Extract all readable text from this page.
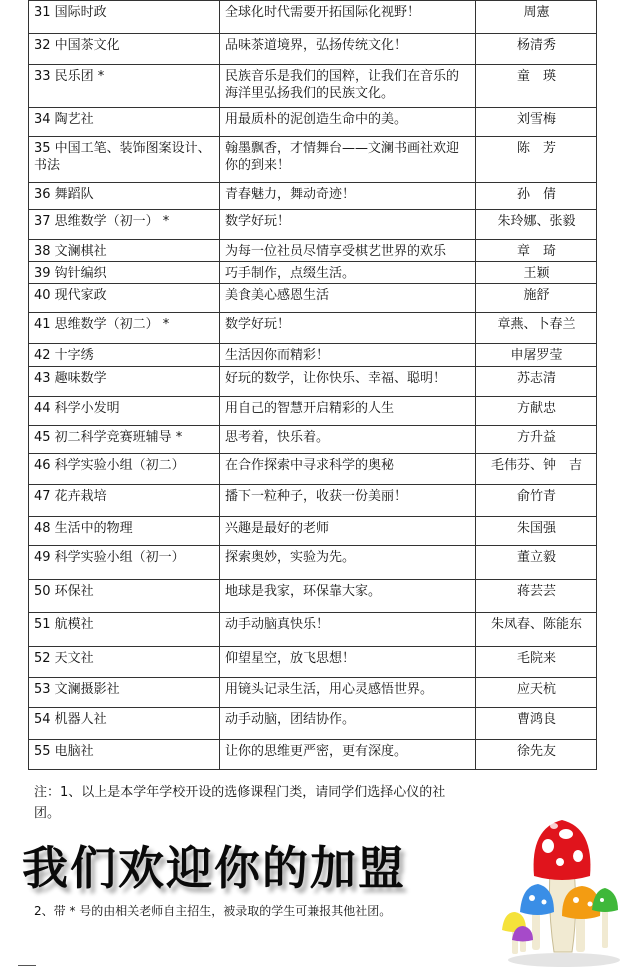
31 国际时政	全球化时代需要开拓国际化视野！	周憲
32 中国茶文化	品味茶道境界，弘扬传统文化！	杨清秀
33 民乐团 *	民族音乐是我们的国粹，让我们在音乐的海洋里弘扬我们的民族文化。	童　瑛
34 陶艺社	用最质朴的泥创造生命中的美。	刘雪梅
35 中国工笔、装饰图案设计、书法	翰墨飘香，才情舞台——文澜书画社欢迎你的到来！	陈　芳
36 舞蹈队	青春魅力，舞动奇迹！	孙　倩
37 思维数学（初一） *	数学好玩！	朱玲娜、张毅
38 文澜棋社	为每一位社员尽情享受棋艺世界的欢乐	章　琦
39 钩针编织	巧手制作，点缀生活。	王颖
40 现代家政	美食美心感恩生活	施舒
41 思维数学（初二） *	数学好玩！	章燕、卜春兰
42 十字绣	生活因你而精彩！	申屠罗莹
43 趣味数学	好玩的数学，让你快乐、幸福、聪明！	苏志清
44 科学小发明	用自己的智慧开启精彩的人生	方献忠
45 初二科学竞赛班辅导 *	思考着，快乐着。	方升益
46 科学实验小组（初二）	在合作探索中寻求科学的奥秘	毛伟芬、钟　吉
47 花卉栽培	播下一粒种子，收获一份美丽！	俞竹青
48 生活中的物理	兴趣是最好的老师	朱国强
49 科学实验小组（初一）	探索奥妙，实验为先。	董立毅
50 环保社	地球是我家，环保靠大家。	蒋芸芸
51 航模社	动手动脑真快乐！	朱凤春、陈能东
52 天文社	仰望星空，放飞思想！	毛院来
53 文澜摄影社	用镜头记录生活，用心灵感悟世界。	应天杭
54 机器人社	动手动脑，团结协作。	曹鸿良
55 电脑社	让你的思维更严密，更有深度。	徐先友
注：1、以上是本学年学校开设的选修课程门类，请同学们选择心仪的社团。
我们欢迎你的加盟
2、带 * 号的由相关老师自主招生，被录取的学生可兼报其他社团。
